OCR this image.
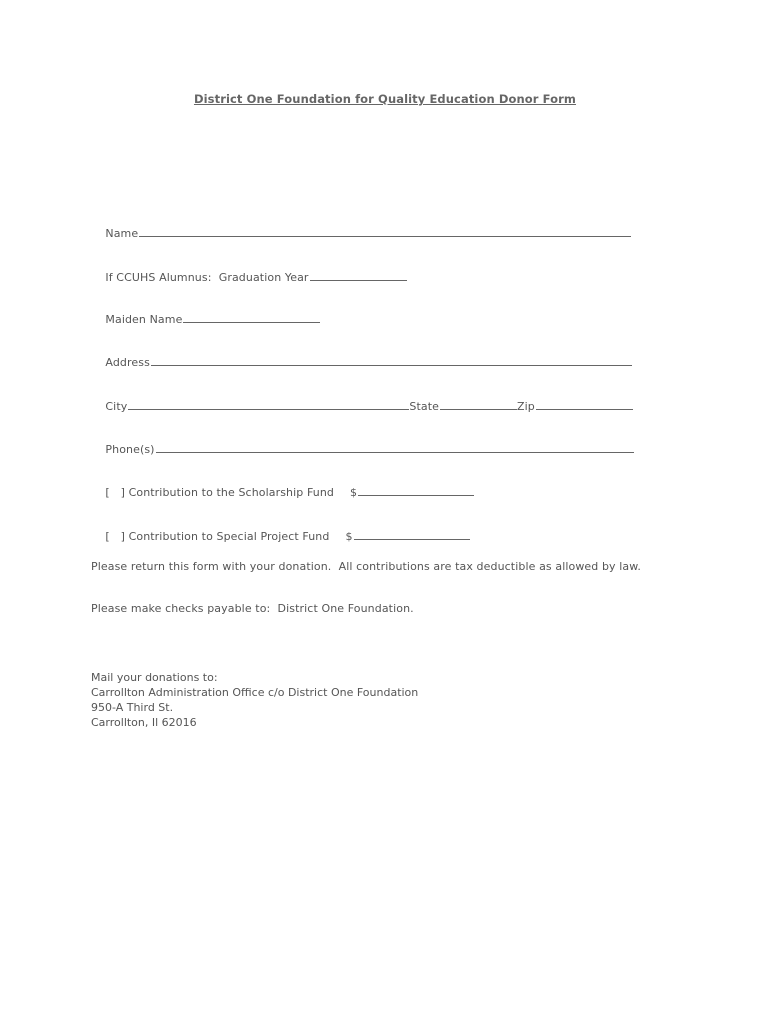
District One Foundation for Quality Education Donor Form

Name

If CCUHS Alumnus:  Graduation Year

Maiden Name

Address

City	State	Zip

Phone(s)

[   ] Contribution to the Scholarship Fund $

[   ] Contribution to Special Project Fund $

Please return this form with your donation.  All contributions are tax deductible as allowed by law.
Please make checks payable to:  District One Foundation.
Mail your donations to:
Carrollton Administration Office c/o District One Foundation
950-A Third St.
Carrollton, Il 62016
